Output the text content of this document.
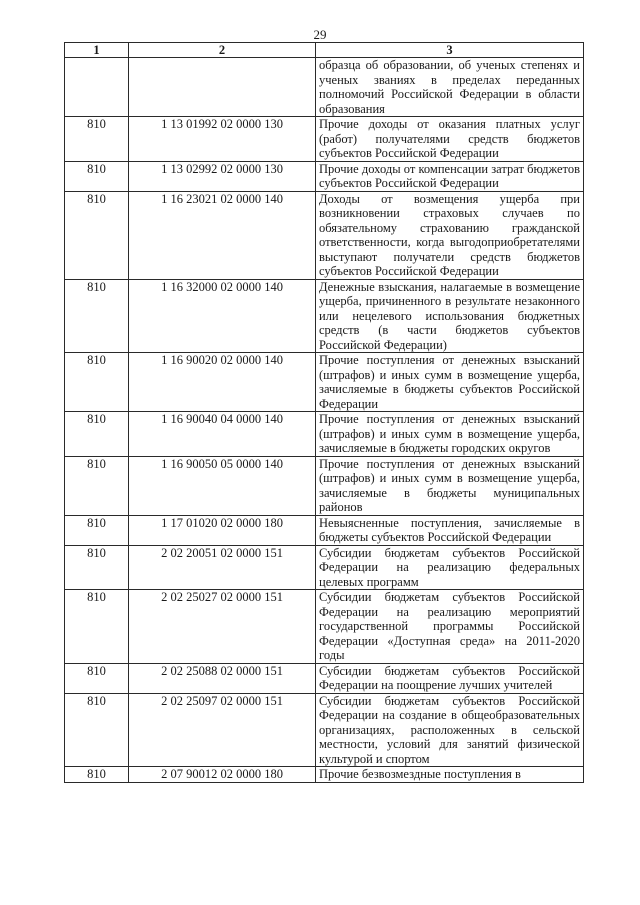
29
1	2	3
		образца об образовании, об ученых степенях и ученых званиях в пределах переданных полномочий Российской Федерации в области образования
810	1 13 01992 02 0000 130	Прочие доходы от оказания платных услуг (работ) получателями средств бюджетов субъектов Российской Федерации
810	1 13 02992 02 0000 130	Прочие доходы от компенсации затрат бюджетов субъектов Российской Федерации
810	1 16 23021 02 0000 140	Доходы от возмещения ущерба при возникновении страховых случаев по обязательному страхованию гражданской ответственности, когда выгодоприобретателями выступают получатели средств бюджетов субъектов Российской Федерации
810	1 16 32000 02 0000 140	Денежные взыскания, налагаемые в возмещение ущерба, причиненного в результате незаконного или нецелевого использования бюджетных средств (в части бюджетов субъектов Российской Федерации)
810	1 16 90020 02 0000 140	Прочие поступления от денежных взысканий (штрафов) и иных сумм в возмещение ущерба, зачисляемые в бюджеты субъектов Российской Федерации
810	1 16 90040 04 0000 140	Прочие поступления от денежных взысканий (штрафов) и иных сумм в возмещение ущерба, зачисляемые в бюджеты городских округов
810	1 16 90050 05 0000 140	Прочие поступления от денежных взысканий (штрафов) и иных сумм в возмещение ущерба, зачисляемые в бюджеты муниципальных районов
810	1 17 01020 02 0000 180	Невыясненные поступления, зачисляемые в бюджеты субъектов Российской Федерации
810	2 02 20051 02 0000 151	Субсидии бюджетам субъектов Российской Федерации на реализацию федеральных целевых программ
810	2 02 25027 02 0000 151	Субсидии бюджетам субъектов Российской Федерации на реализацию мероприятий государственной программы Российской Федерации «Доступная среда» на 2011-2020 годы
810	2 02 25088 02 0000 151	Субсидии бюджетам субъектов Российской Федерации на поощрение лучших учителей
810	2 02 25097 02 0000 151	Субсидии бюджетам субъектов Российской Федерации на создание в общеобразовательных организациях, расположенных в сельской местности, условий для занятий физической культурой и спортом
810	2 07 90012 02 0000 180	Прочие безвозмездные поступления в
